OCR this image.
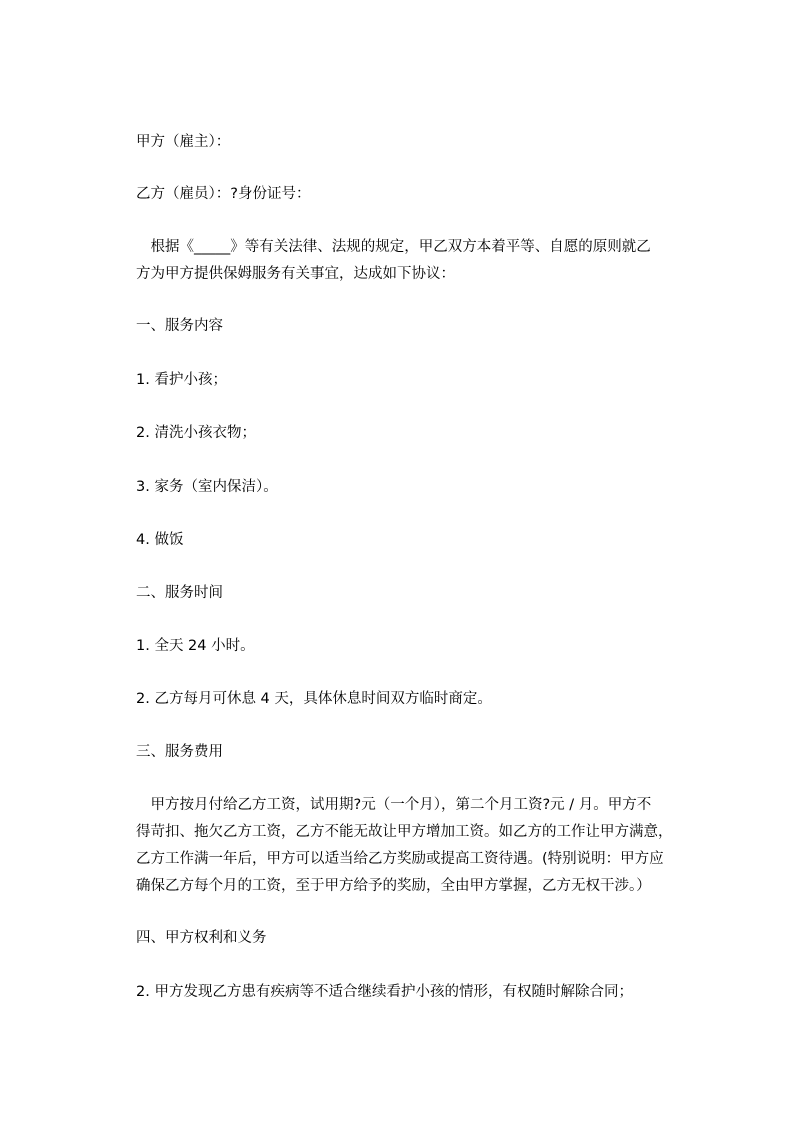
甲方（雇主）：

乙方（雇员）：?身份证号：

　根据《_____》等有关法律、法规的规定，甲乙双方本着平等、自愿的原则就乙

方为甲方提供保姆服务有关事宜，达成如下协议：

一、服务内容

1. 看护小孩；

2. 清洗小孩衣物；

3. 家务（室内保洁）。

4. 做饭

二、服务时间

1. 全天 24 小时。

2. 乙方每月可休息 4 天，具体休息时间双方临时商定。

三、服务费用

　甲方按月付给乙方工资，试用期?元（一个月），第二个月工资?元 / 月。甲方不

得苛扣、拖欠乙方工资，乙方不能无故让甲方增加工资。如乙方的工作让甲方满意，

乙方工作满一年后，甲方可以适当给乙方奖励或提高工资待遇。(特别说明：甲方应

确保乙方每个月的工资，至于甲方给予的奖励，全由甲方掌握，乙方无权干涉。）

四、甲方权利和义务

2. 甲方发现乙方患有疾病等不适合继续看护小孩的情形，有权随时解除合同；
